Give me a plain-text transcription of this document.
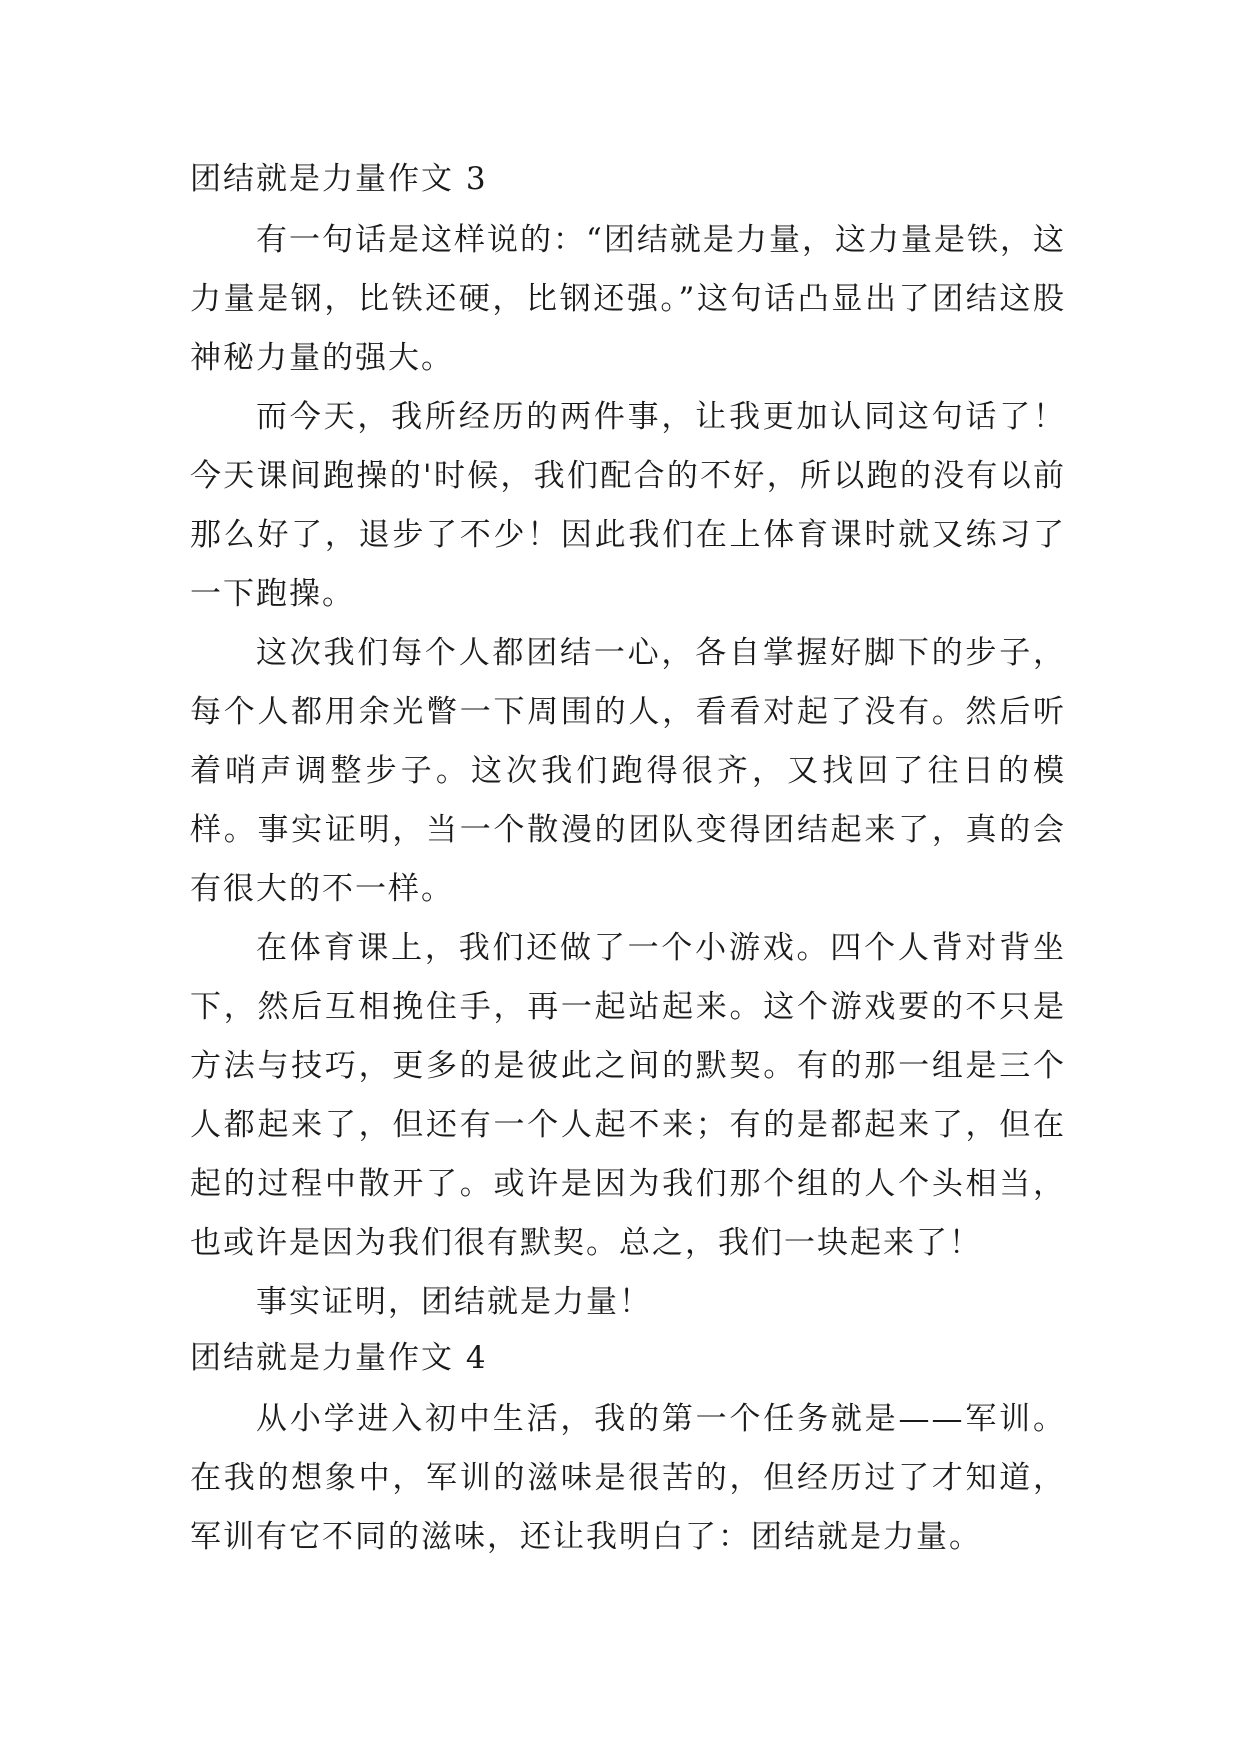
团结就是力量作文 3

有一句话是这样说的：“团结就是力量，这力量是铁，这力量是钢，比铁还硬，比钢还强。”这句话凸显出了团结这股神秘力量的强大。

而今天，我所经历的两件事，让我更加认同这句话了！今天课间跑操的'时候，我们配合的不好，所以跑的没有以前那么好了，退步了不少！因此我们在上体育课时就又练习了一下跑操。

这次我们每个人都团结一心，各自掌握好脚下的步子，每个人都用余光瞥一下周围的人，看看对起了没有。然后听着哨声调整步子。这次我们跑得很齐，又找回了往日的模样。事实证明，当一个散漫的团队变得团结起来了，真的会有很大的不一样。

在体育课上，我们还做了一个小游戏。四个人背对背坐下，然后互相挽住手，再一起站起来。这个游戏要的不只是方法与技巧，更多的是彼此之间的默契。有的那一组是三个人都起来了，但还有一个人起不来；有的是都起来了，但在起的过程中散开了。或许是因为我们那个组的人个头相当，也或许是因为我们很有默契。总之，我们一块起来了！

事实证明，团结就是力量！

团结就是力量作文 4

从小学进入初中生活，我的第一个任务就是——军训。在我的想象中，军训的滋味是很苦的，但经历过了才知道，军训有它不同的滋味，还让我明白了：团结就是力量。
